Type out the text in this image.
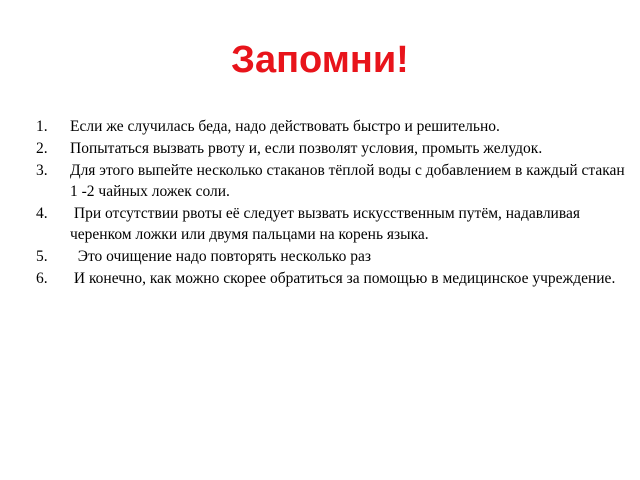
Запомни!
1.	Если же случилась беда, надо действовать быстро и решительно.
2.	Попытаться вызвать рвоту и, если позволят условия, промыть желудок.
3.	Для этого выпейте несколько стаканов тёплой воды с добавлением в каждый стакан 1 -2 чайных ложек соли.
4.	При отсутствии рвоты её следует вызвать искусственным путём, надавливая черенком ложки или двумя пальцами на корень языка.
5.	Это очищение надо повторять несколько раз
6.	И конечно, как можно скорее обратиться за помощью в медицинское учреждение.
